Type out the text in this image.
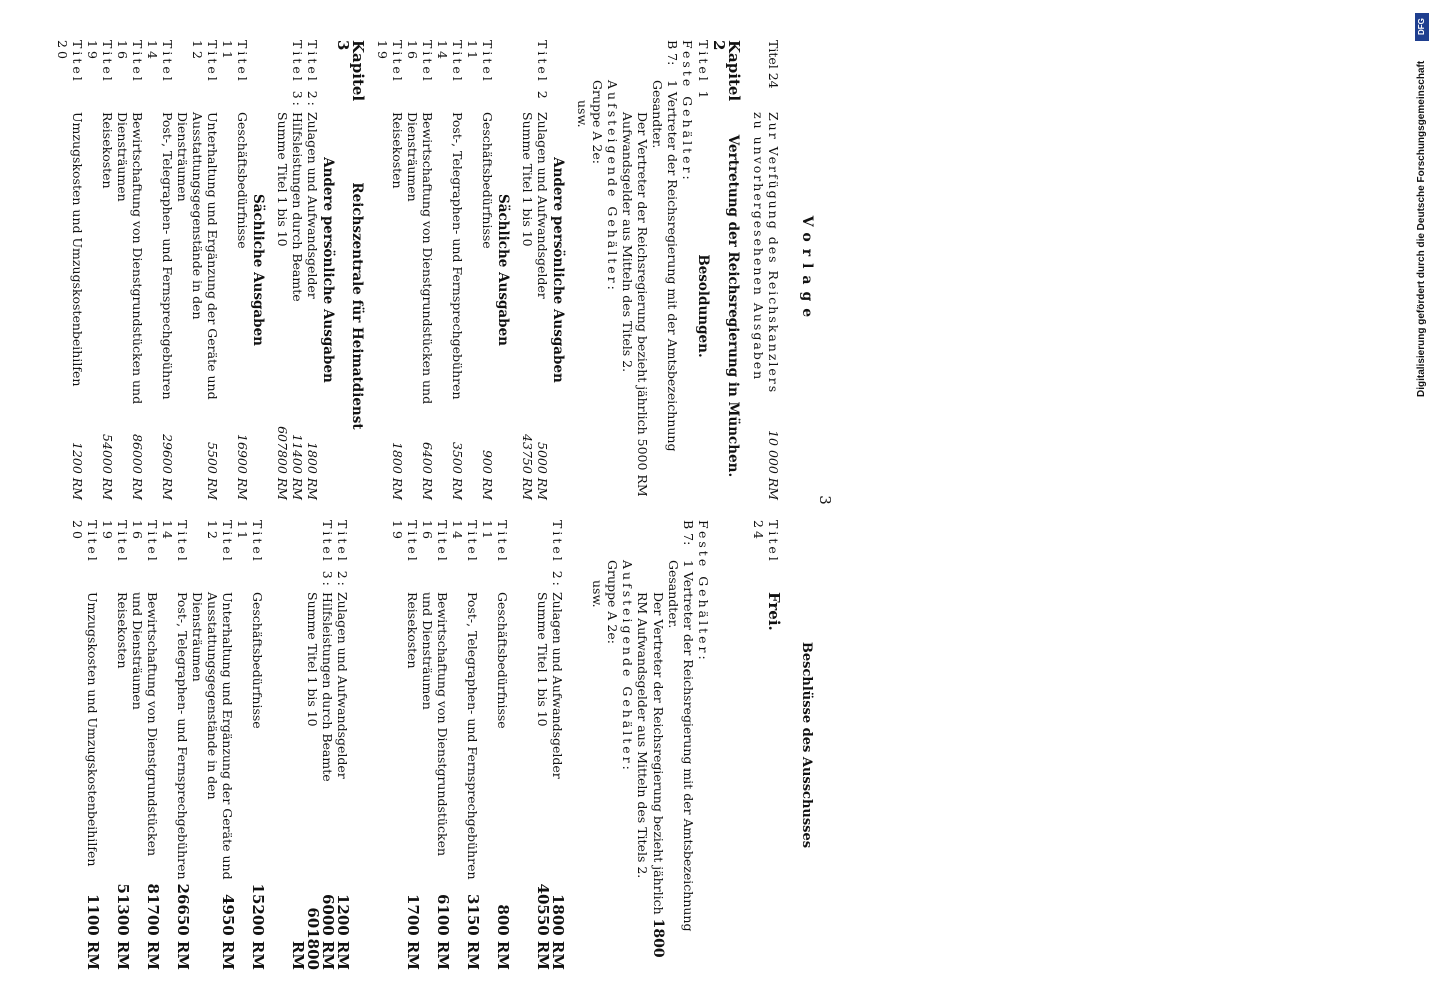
3
Vorlage
Titel 24
Zur Verfügung des Reichskanzlers zu unvorhergesehenen Ausgaben
10 000 RM
Kapitel 2
Vertretung der Reichsregierung in München.
Titel 1
Besoldungen.
Feste Gehälter:
B 7:
1 Vertreter der Reichsregierung mit der Amtsbezeichnung Gesandter.
Der Vertreter der Reichsregierung bezieht jährlich 5000 RM Aufwandsgelder aus Mitteln des Titels 2.
Aufsteigende Gehälter:
Gruppe A 2e:
usw.
Andere persönliche Ausgaben
Titel 2
Zulagen und Aufwandsgelder
5000 RM
Summe Titel 1 bis 10
43750 RM
Sächliche Ausgaben
Titel 11
Geschäftsbedürfnisse
900 RM
Titel 14
Post-, Telegraphen- und Fernsprechgebühren
3500 RM
Titel 16
Bewirtschaftung von Dienstgrundstücken und Diensträumen
6400 RM
Titel 19
Reisekosten
1800 RM
Kapitel 3
Reichszentrale für Heimatdienst
Andere persönliche Ausgaben
Titel 2:
Zulagen und Aufwandsgelder
1800 RM
Titel 3:
Hilfsleistungen durch Beamte
11400 RM
Summe Titel 1 bis 10
607800 RM
Sächliche Ausgaben
Titel 11
Geschäftsbedürfnisse
16900 RM
Titel 12
Unterhaltung und Ergänzung der Geräte und Ausstattungsgegenstände in den Diensträumen
5500 RM
Titel 14
Post-, Telegraphen- und Fernsprechgebühren
29600 RM
Titel 16
Bewirtschaftung von Dienstgrundstücken und Diensträumen
86000 RM
Titel 19
Reisekosten
54000 RM
Titel 20
Umzugskosten und Umzugskostenbeihilfen
1200 RM
Beschlüsse des Ausschusses
Titel 24
Frei.
Feste Gehälter:
B 7:
1 Vertreter der Reichsregierung mit der Amtsbezeichnung Gesandter.
Der Vertreter der Reichsregierung bezieht jährlich 1800 RM Aufwandsgelder aus Mitteln des Titels 2.
Aufsteigende Gehälter:
Gruppe A 2e:
usw.
Titel 2:
Zulagen und Aufwandsgelder
1800 RM
Summe Titel 1 bis 10
40550 RM
Titel 11
Geschäftsbedürfnisse
800 RM
Titel 14
Post-, Telegraphen- und Fernsprechgebühren
3150 RM
Titel 16
Bewirtschaftung von Dienstgrundstücken und Diensträumen
6100 RM
Titel 19
Reisekosten
1700 RM
Titel 2:
Zulagen und Aufwandsgelder
1200 RM
Titel 3:
Hilfsleistungen durch Beamte
6000 RM
Summe Titel 1 bis 10
601800 RM
Titel 11
Geschäftsbedürfnisse
15200 RM
Titel 12
Unterhaltung und Ergänzung der Geräte und Ausstattungsgegenstände in den Diensträumen
4950 RM
Titel 14
Post-, Telegraphen- und Fernsprechgebühren
26650 RM
Titel 16
Bewirtschaftung von Dienstgrundstücken und Diensträumen
81700 RM
Titel 19
Reisekosten
51300 RM
Titel 20
Umzugskosten und Umzugskostenbeihilfen
1100 RM
DFG
Digitalisierung gefördert durch die Deutsche Forschungsgemeinschaft
